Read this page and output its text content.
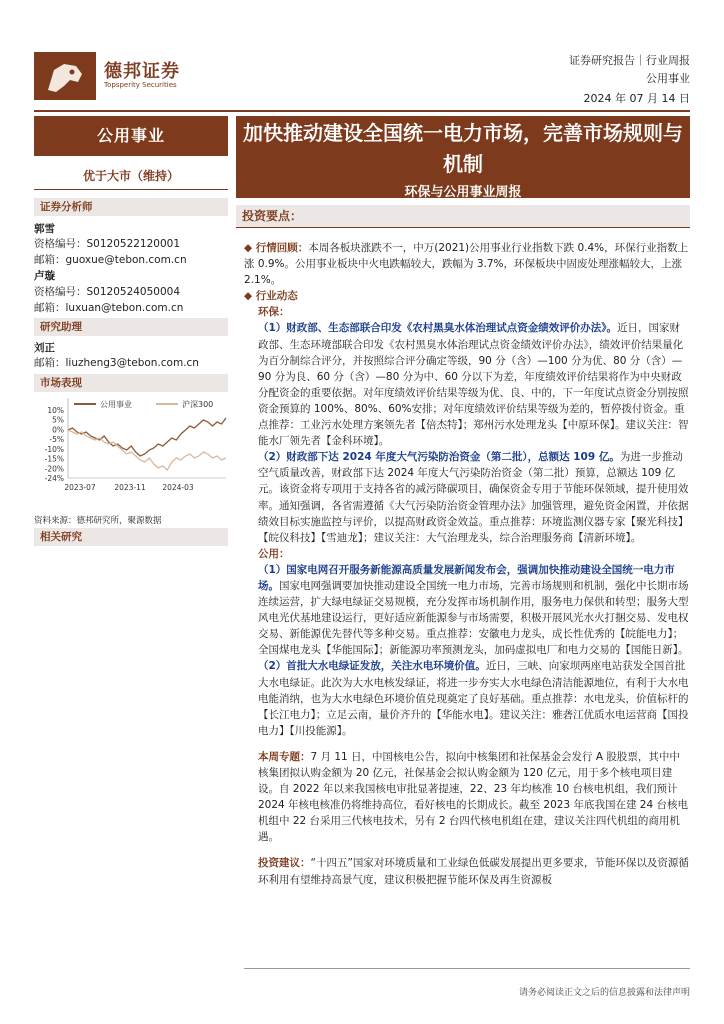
德邦证券
Topsperity Securities
证券研究报告｜行业周报
公用事业
2024 年 07 月 14 日
公用事业
优于大市（维持）
证券分析师
郭雪
资格编号：S0120522120001
邮箱：guoxue@tebon.com.cn
卢璇
资格编号：S0120524050004
邮箱：luxuan@tebon.com.cn
研究助理
刘正
邮箱：liuzheng3@tebon.com.cn
市场表现
10%
5%
0%
-5%
-10%
-15%
-20%
-24%
2023-07 2023-11 2024-03
公用事业	沪深300
资料来源：德邦研究所，聚源数据
相关研究
加快推动建设全国统一电力市场，完善市场规则与机制
环保与公用事业周报
投资要点：

◆ 行情回顾：本周各板块涨跌不一，中万(2021)公用事业行业指数下跌 0.4%，环保行业指数上涨 0.9%。公用事业板块中火电跌幅较大，跌幅为 3.7%，环保板块中固废处理涨幅较大，上涨 2.1%。

◆ 行业动态

环保：

（1）财政部、生态部联合印发《农村黑臭水体治理试点资金绩效评价办法》。近日，国家财政部、生态环境部联合印发《农村黑臭水体治理试点资金绩效评价办法》，绩效评价结果量化为百分制综合评分，并按照综合评分确定等级，90 分（含）—100 分为优、80 分（含）—90 分为良、60 分（含）—80 分为中、60 分以下为差，年度绩效评价结果将作为中央财政分配资金的重要依据。对年度绩效评价结果等级为优、良、中的，下一年度试点资金分别按照资金预算的 100%、80%、60%安排；对年度绩效评价结果等级为差的，暂停拨付资金。重点推荐：工业污水处理方案领先者【倍杰特】；郑州污水处理龙头【中原环保】。建议关注：智能水厂领先者【金科环境】。

（2）财政部下达 2024 年度大气污染防治资金（第二批），总额达 109 亿。为进一步推动空气质量改善，财政部下达 2024 年度大气污染防治资金（第二批）预算，总额达 109 亿元。该资金将专项用于支持各省的减污降碳项目，确保资金专用于节能环保领域，提升使用效率。通知强调，各省需遵循《大气污染防治资金管理办法》加强管理，避免资金闲置，并依据绩效目标实施监控与评价，以提高财政资金效益。重点推荐：环境监测仪器专家【聚光科技】【皖仪科技】【雪迪龙】；建议关注：大气治理龙头，综合治理服务商【清新环境】。

公用：

（1）国家电网召开服务新能源高质量发展新闻发布会，强调加快推动建设全国统一电力市场。国家电网强调要加快推动建设全国统一电力市场，完善市场规则和机制，强化中长期市场连续运营，扩大绿电绿证交易规模，充分发挥市场机制作用，服务电力保供和转型；服务大型风电光伏基地建设运行，更好适应新能源参与市场需要，积极开展风光水火打捆交易、发电权交易、新能源优先替代等多种交易。重点推荐：安徽电力龙头，成长性优秀的【皖能电力】；全国煤电龙头【华能国际】；新能源功率预测龙头，加码虚拟电厂和电力交易的【国能日新】。

（2）首批大水电绿证发放，关注水电环境价值。近日，三峡、向家坝两座电站获发全国首批大水电绿证。此次为大水电核发绿证，将进一步夯实大水电绿色清洁能源地位，有利于大水电电能消纳，也为大水电绿色环境价值兑现奠定了良好基础。重点推荐：水电龙头，价值标杆的【长江电力】；立足云南，量价齐升的【华能水电】。建议关注：雅砻江优质水电运营商【国投电力】【川投能源】。

本周专题：7 月 11 日，中国核电公告，拟向中核集团和社保基金会发行 A 股股票，其中中核集团拟认购金额为 20 亿元，社保基金会拟认购金额为 120 亿元，用于多个核电项目建设。自 2022 年以来我国核电审批显著提速，22、23 年均核准 10 台核电机组，我们预计 2024 年核电核准仍将维持高位，看好核电的长期成长。截至 2023 年底我国在建 24 台核电机组中 22 台采用三代核电技术，另有 2 台四代核电机组在建，建议关注四代机组的商用机遇。

投资建议：“十四五”国家对环境质量和工业绿色低碳发展提出更多要求，节能环保以及资源循环利用有望维持高景气度，建议积极把握节能环保及再生资源板

请务必阅读正文之后的信息披露和法律声明
